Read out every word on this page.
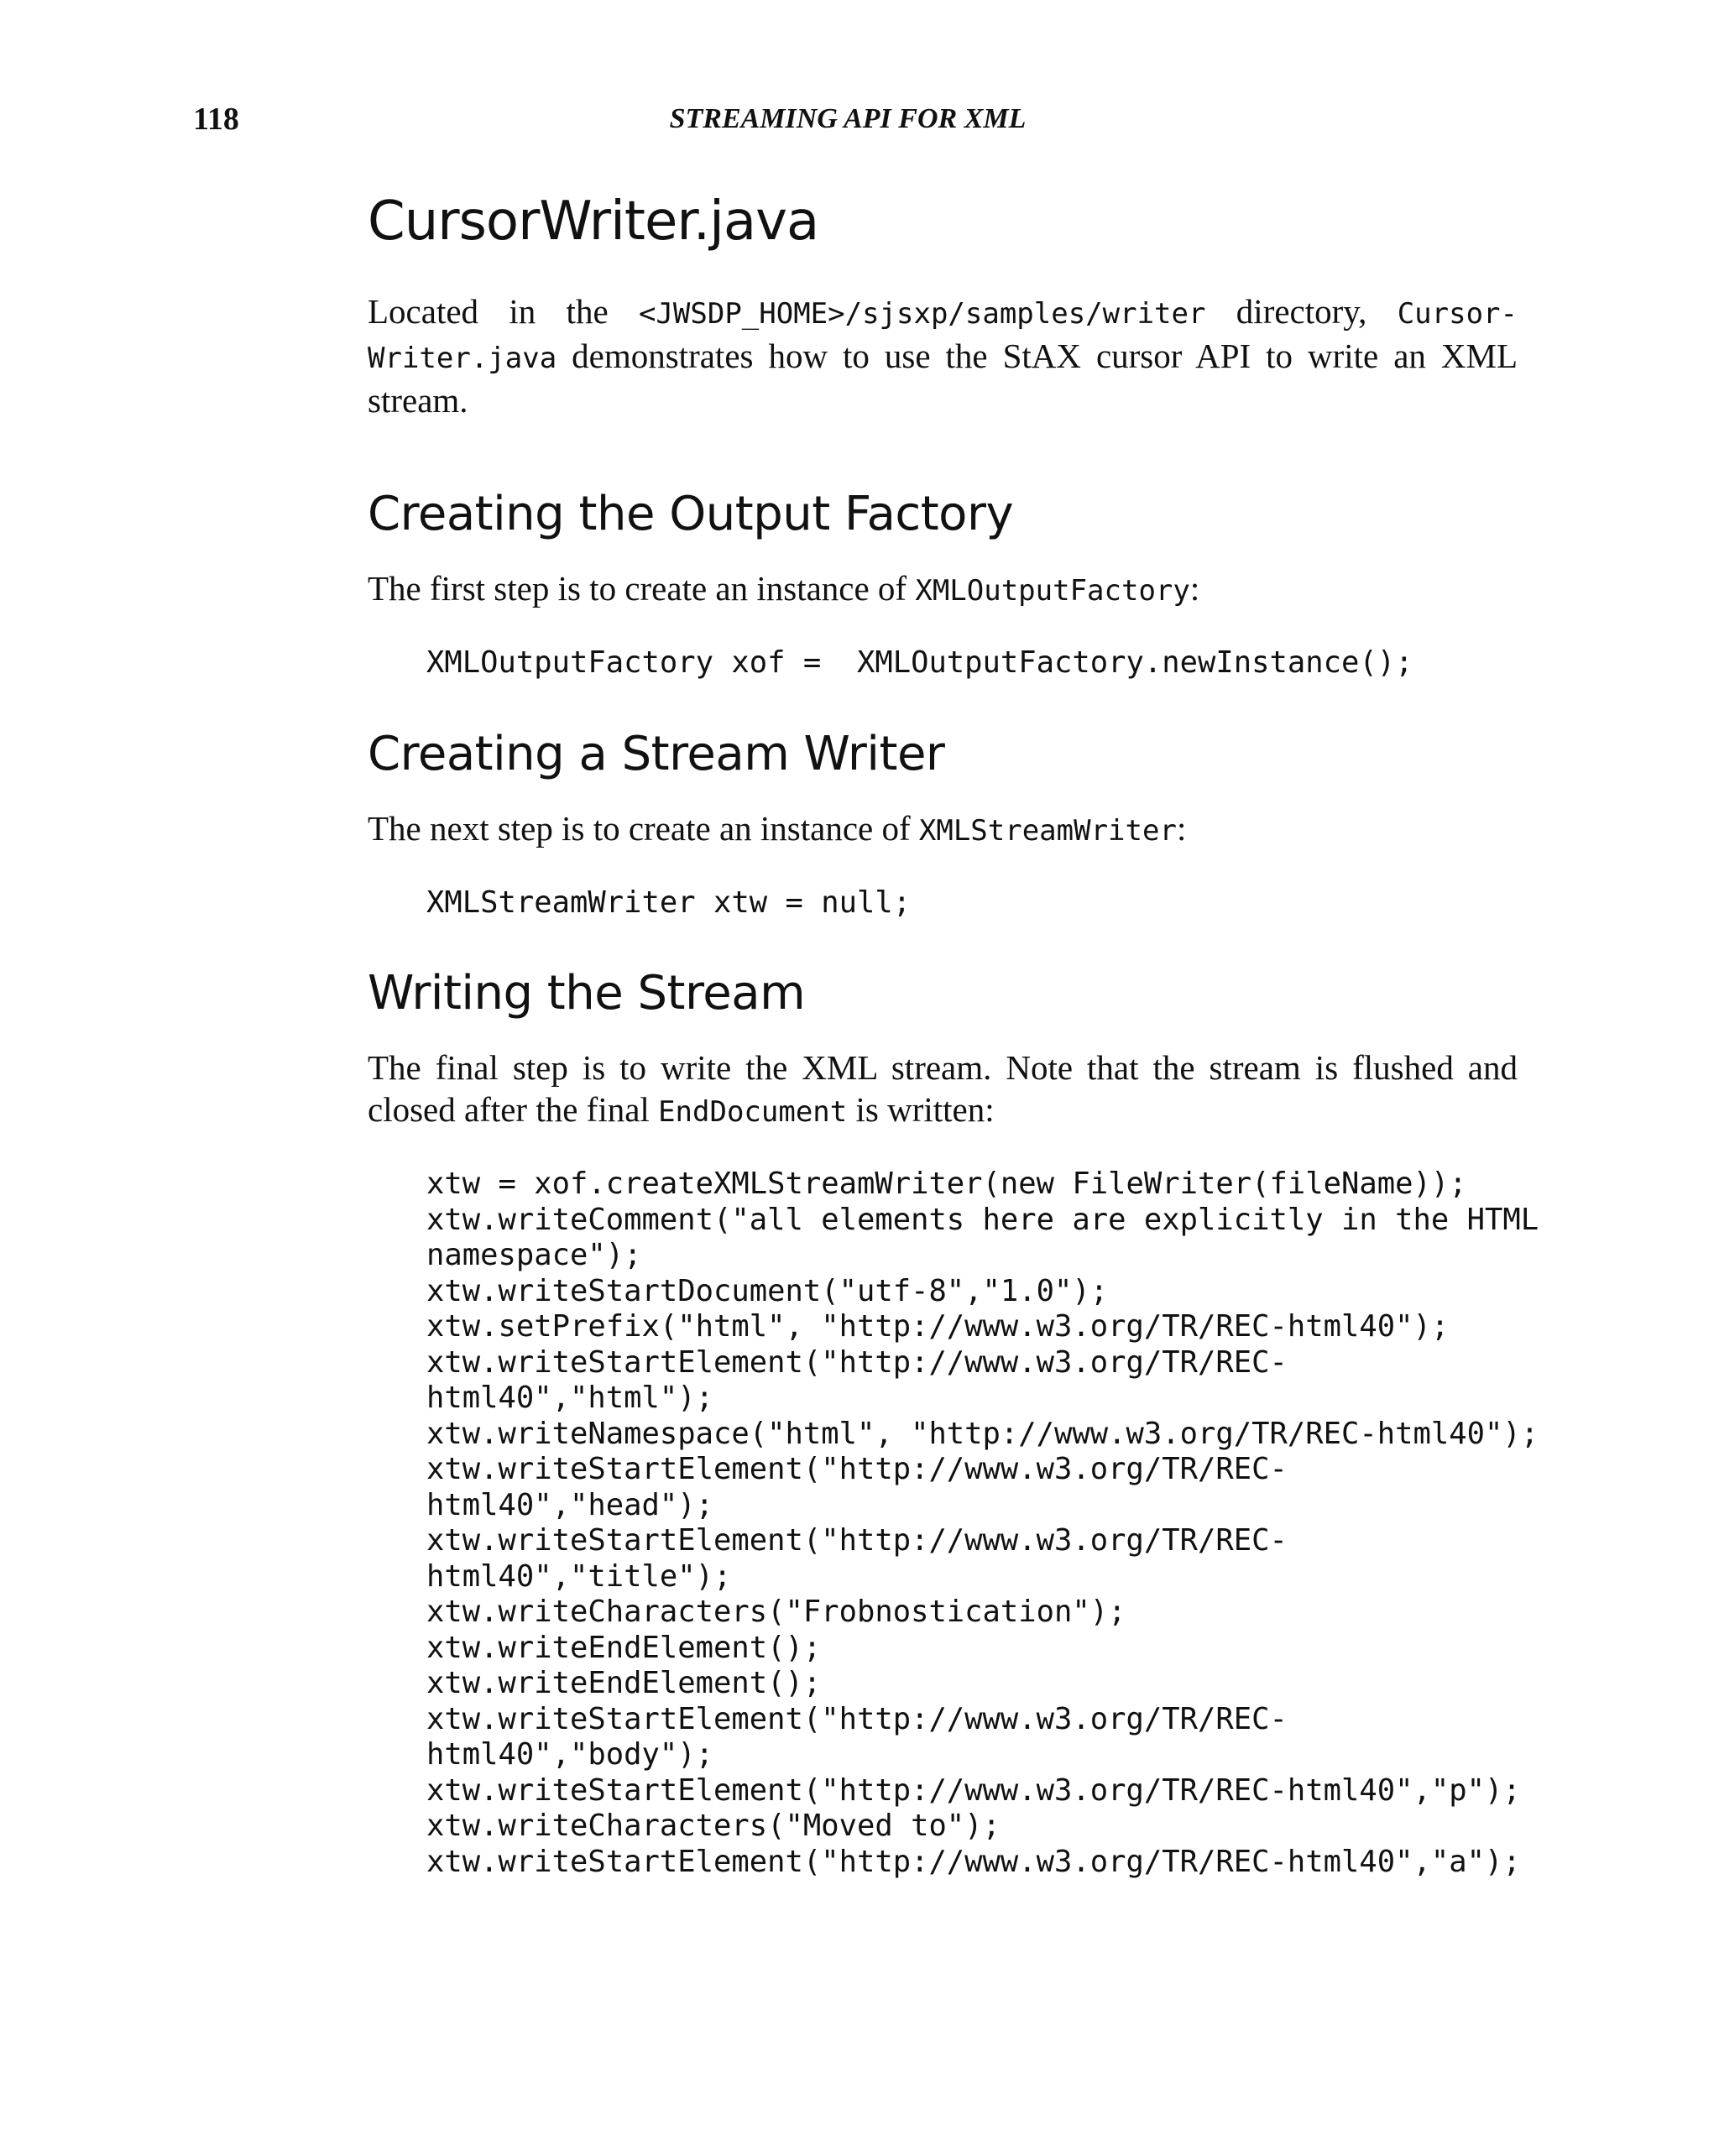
118	STREAMING API FOR XML
CursorWriter.java

Located in the <JWSDP_HOME>/sjsxp/samples/writer directory, Cursor-Writer.java demonstrates how to use the StAX cursor API to write an XML stream.

Creating the Output Factory

The first step is to create an instance of XMLOutputFactory:

XMLOutputFactory xof =  XMLOutputFactory.newInstance();
Creating a Stream Writer

The next step is to create an instance of XMLStreamWriter:

XMLStreamWriter xtw = null;
Writing the Stream

The final step is to write the XML stream. Note that the stream is flushed and closed after the final EndDocument is written:

xtw = xof.createXMLStreamWriter(new FileWriter(fileName));
xtw.writeComment("all elements here are explicitly in the HTML
namespace");
xtw.writeStartDocument("utf-8","1.0");
xtw.setPrefix("html", "http://www.w3.org/TR/REC-html40");
xtw.writeStartElement("http://www.w3.org/TR/REC-
html40","html");
xtw.writeNamespace("html", "http://www.w3.org/TR/REC-html40");
xtw.writeStartElement("http://www.w3.org/TR/REC-
html40","head");
xtw.writeStartElement("http://www.w3.org/TR/REC-
html40","title");
xtw.writeCharacters("Frobnostication");
xtw.writeEndElement();
xtw.writeEndElement();
xtw.writeStartElement("http://www.w3.org/TR/REC-
html40","body");
xtw.writeStartElement("http://www.w3.org/TR/REC-html40","p");
xtw.writeCharacters("Moved to");
xtw.writeStartElement("http://www.w3.org/TR/REC-html40","a");
